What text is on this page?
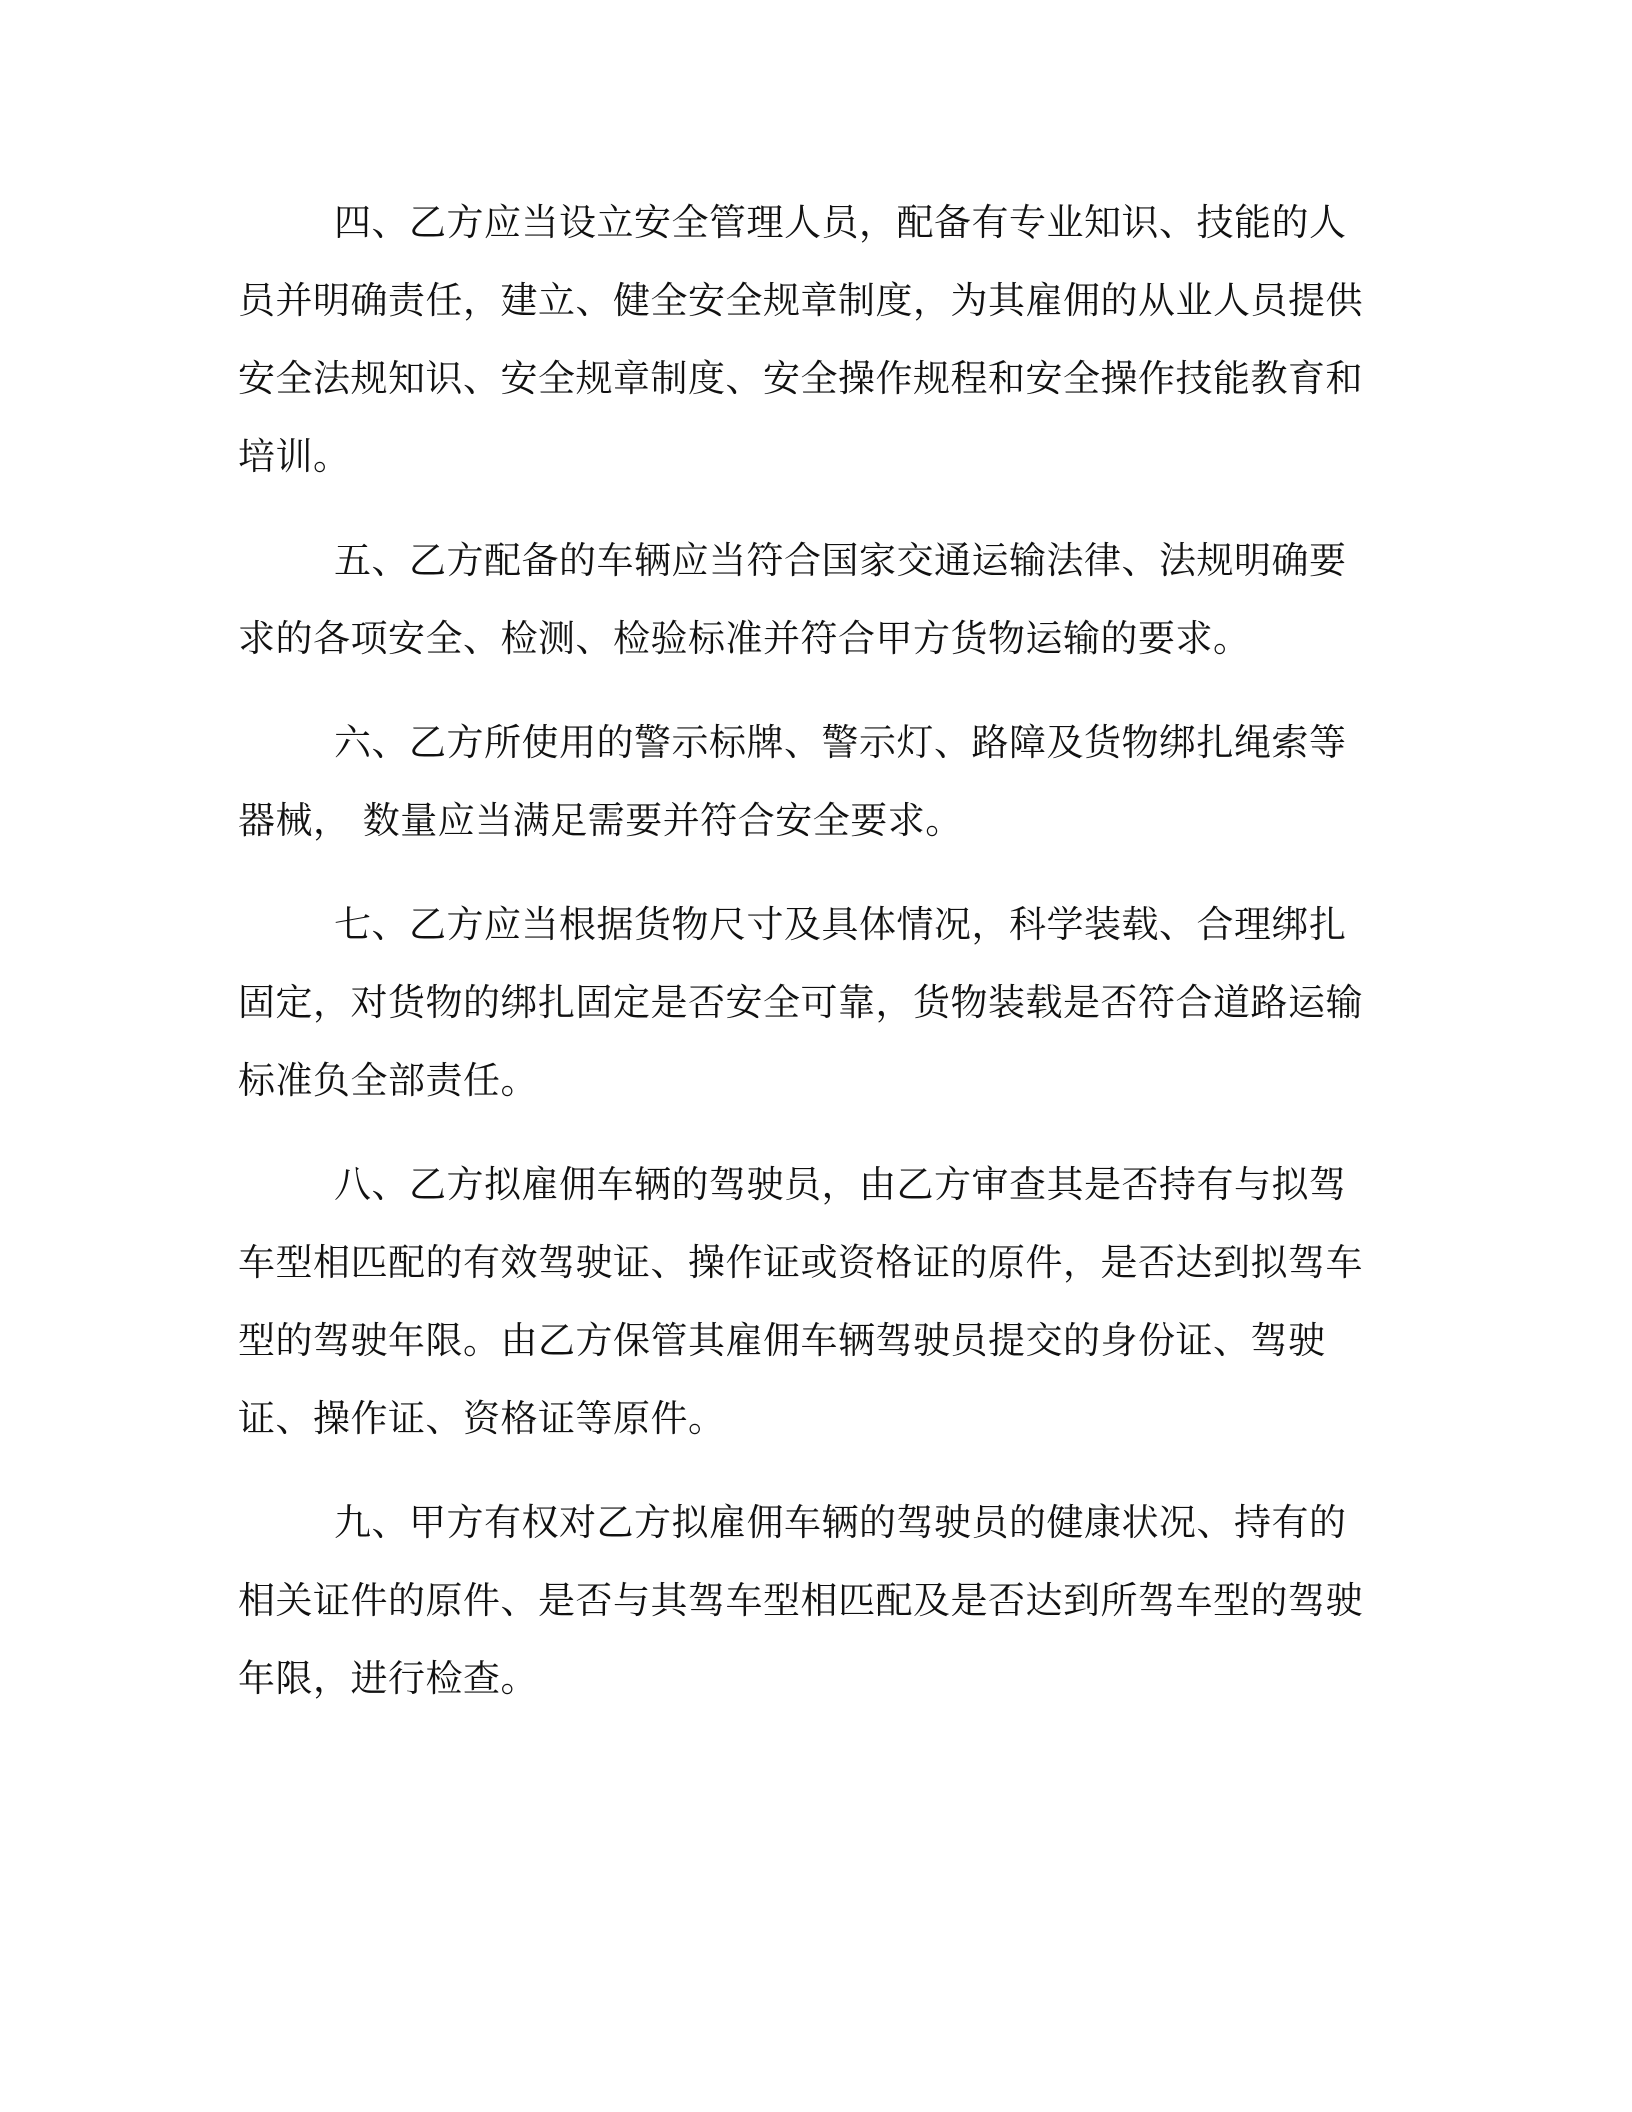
四、乙方应当设立安全管理人员，配备有专业知识、技能的人员并明确责任，建立、健全安全规章制度，为其雇佣的从业人员提供安全法规知识、安全规章制度、安全操作规程和安全操作技能教育和培训。

五、乙方配备的车辆应当符合国家交通运输法律、法规明确要求的各项安全、检测、检验标准并符合甲方货物运输的要求。

六、乙方所使用的警示标牌、警示灯、路障及货物绑扎绳索等器械， 数量应当满足需要并符合安全要求。

七、乙方应当根据货物尺寸及具体情况，科学装载、合理绑扎固定，对货物的绑扎固定是否安全可靠，货物装载是否符合道路运输标准负全部责任。

八、乙方拟雇佣车辆的驾驶员，由乙方审查其是否持有与拟驾车型相匹配的有效驾驶证、操作证或资格证的原件，是否达到拟驾车型的驾驶年限。由乙方保管其雇佣车辆驾驶员提交的身份证、驾驶证、操作证、资格证等原件。

九、甲方有权对乙方拟雇佣车辆的驾驶员的健康状况、持有的相关证件的原件、是否与其驾车型相匹配及是否达到所驾车型的驾驶年限，进行检查。
